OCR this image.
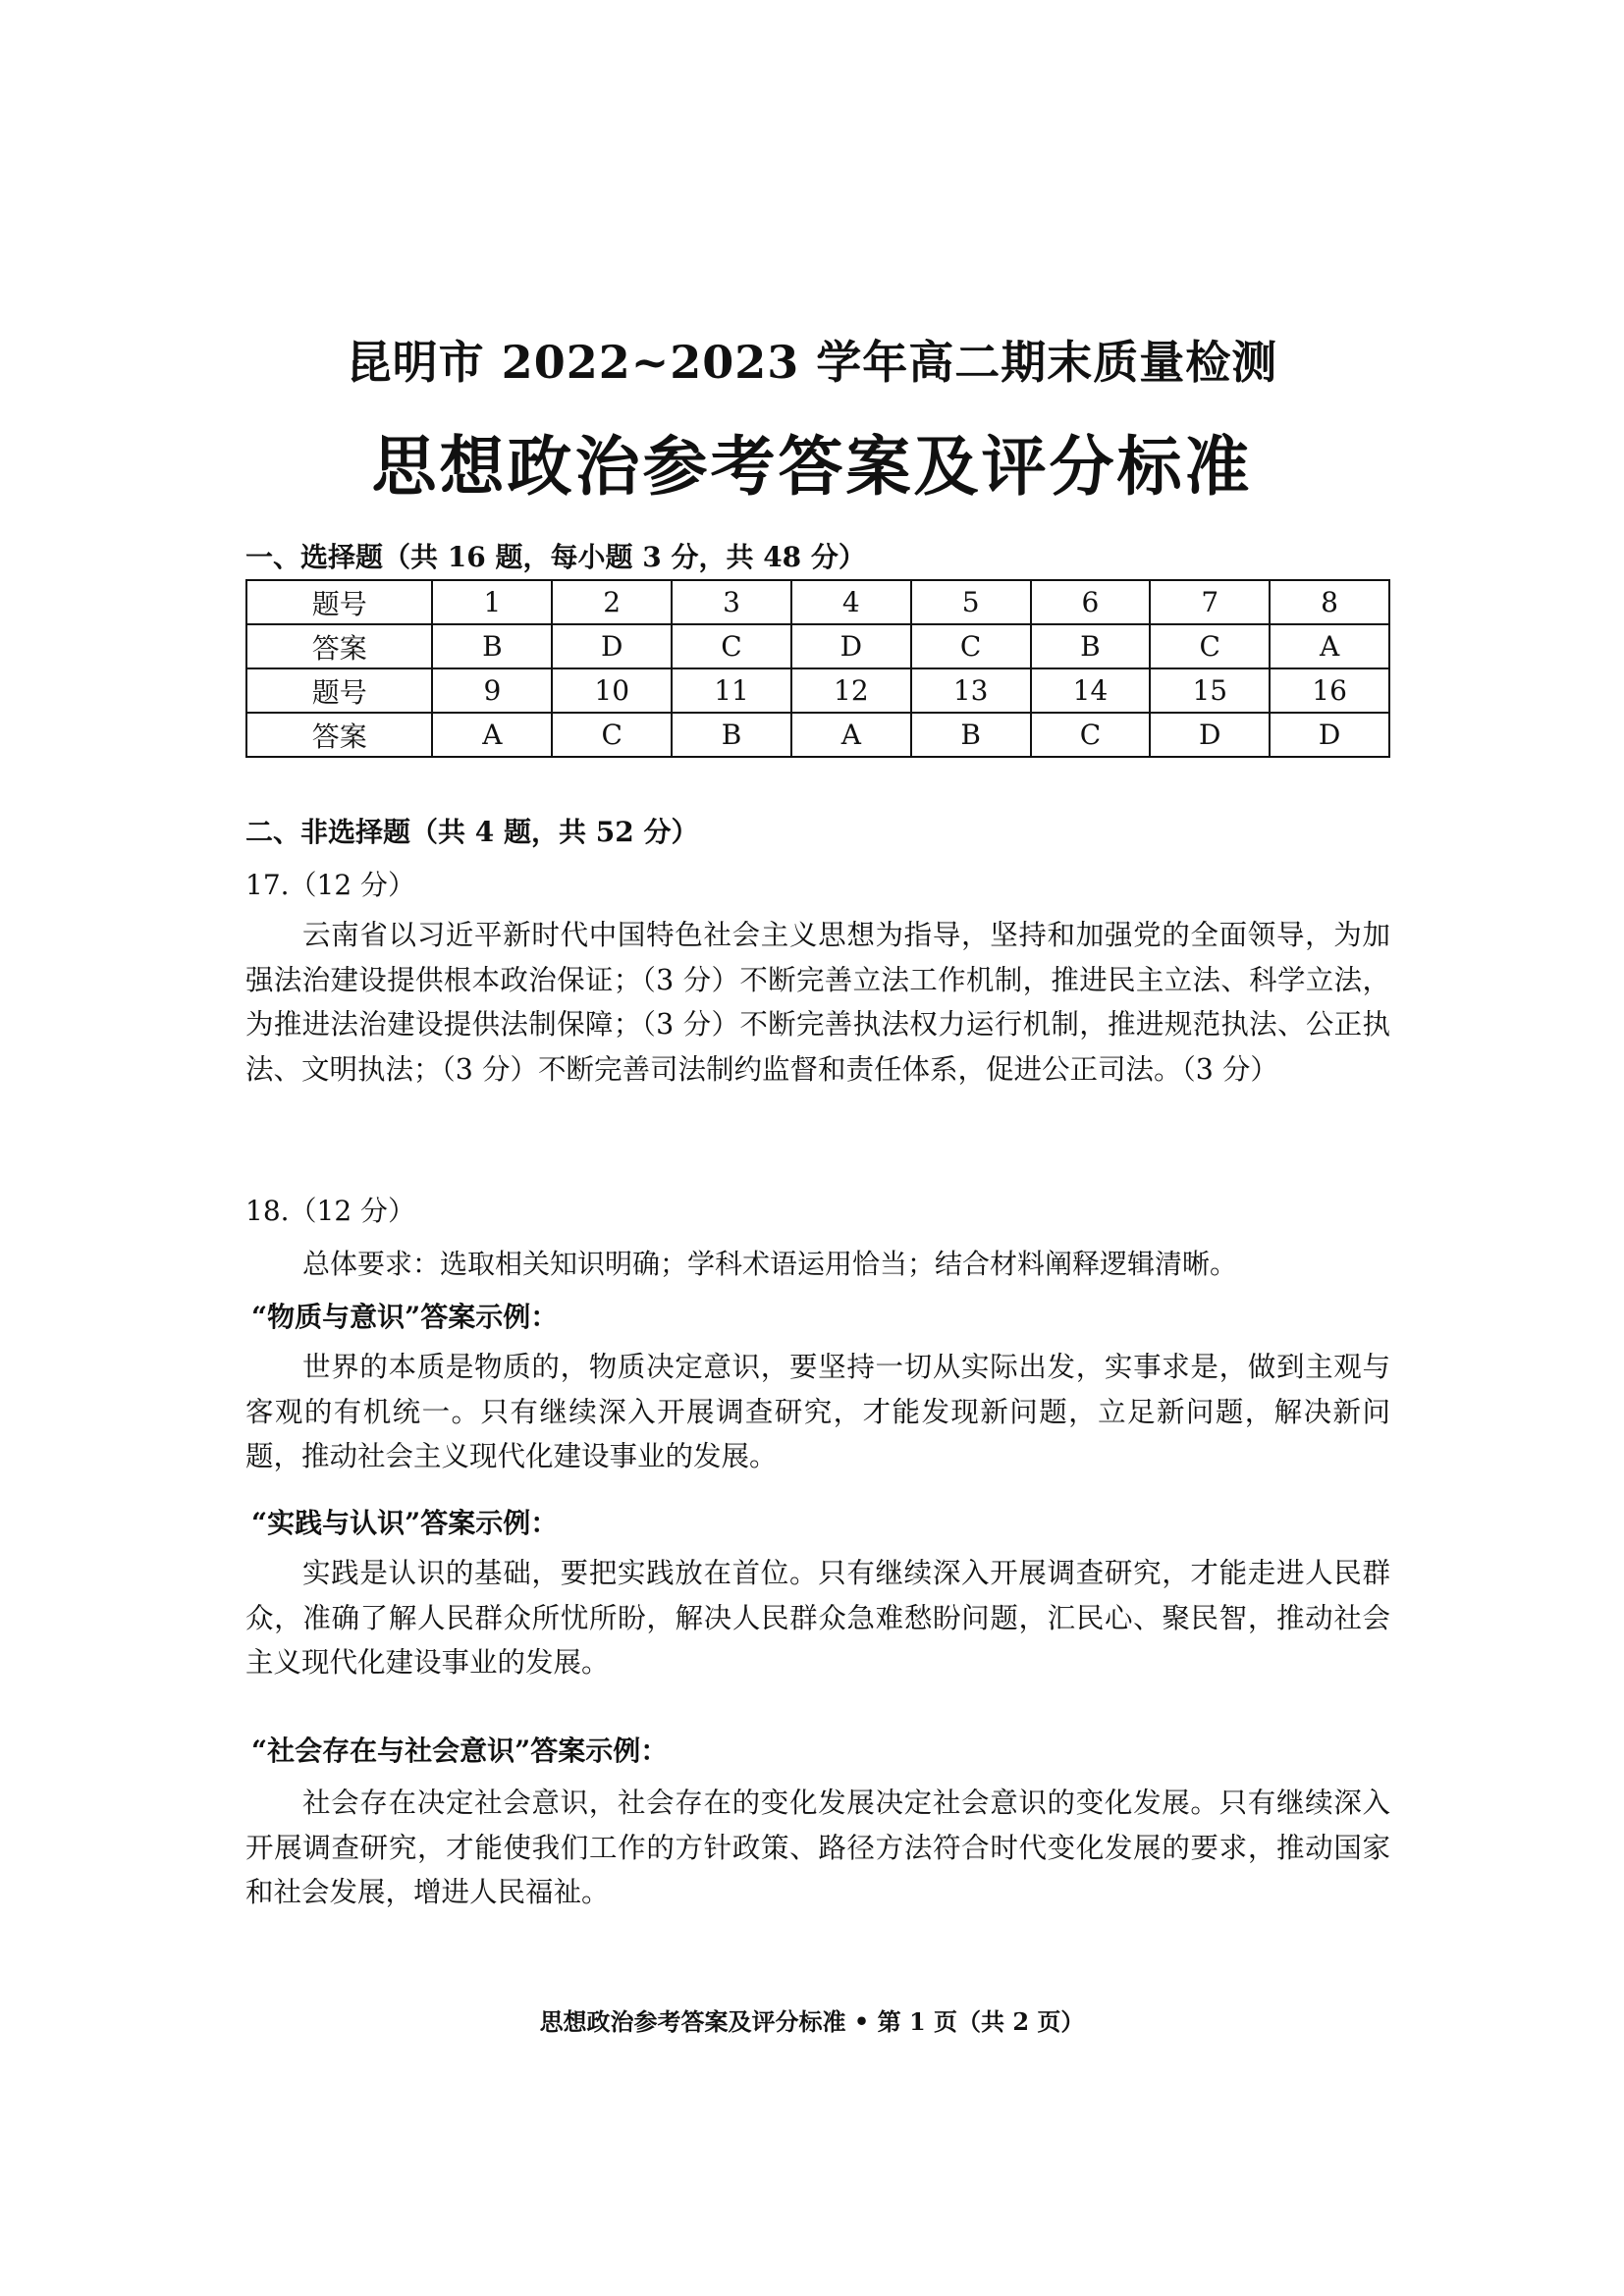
昆明市 2022~2023 学年高二期末质量检测
思想政治参考答案及评分标准
一、选择题（共 16 题，每小题 3 分，共 48 分）
题号	1	2	3	4	5	6	7	8
答案	B	D	C	D	C	B	C	A
题号	9	10	11	12	13	14	15	16
答案	A	C	B	A	B	C	D	D
二、非选择题（共 4 题，共 52 分）
17.（12 分）

云南省以习近平新时代中国特色社会主义思想为指导，坚持和加强党的全面领导，为加强法治建设提供根本政治保证；（3 分）不断完善立法工作机制，推进民主立法、科学立法，为推进法治建设提供法制保障；（3 分）不断完善执法权力运行机制，推进规范执法、公正执法、文明执法；（3 分）不断完善司法制约监督和责任体系，促进公正司法。（3 分）

18.（12 分）
总体要求：选取相关知识明确；学科术语运用恰当；结合材料阐释逻辑清晰。
“物质与意识”答案示例：

世界的本质是物质的，物质决定意识，要坚持一切从实际出发，实事求是，做到主观与客观的有机统一。只有继续深入开展调查研究，才能发现新问题，立足新问题，解决新问题，推动社会主义现代化建设事业的发展。

“实践与认识”答案示例：

实践是认识的基础，要把实践放在首位。只有继续深入开展调查研究，才能走进人民群众，准确了解人民群众所忧所盼，解决人民群众急难愁盼问题，汇民心、聚民智，推动社会主义现代化建设事业的发展。

“社会存在与社会意识”答案示例：

社会存在决定社会意识，社会存在的变化发展决定社会意识的变化发展。只有继续深入开展调查研究，才能使我们工作的方针政策、路径方法符合时代变化发展的要求，推动国家和社会发展，增进人民福祉。

思想政治参考答案及评分标准 • 第 1 页（共 2 页）
